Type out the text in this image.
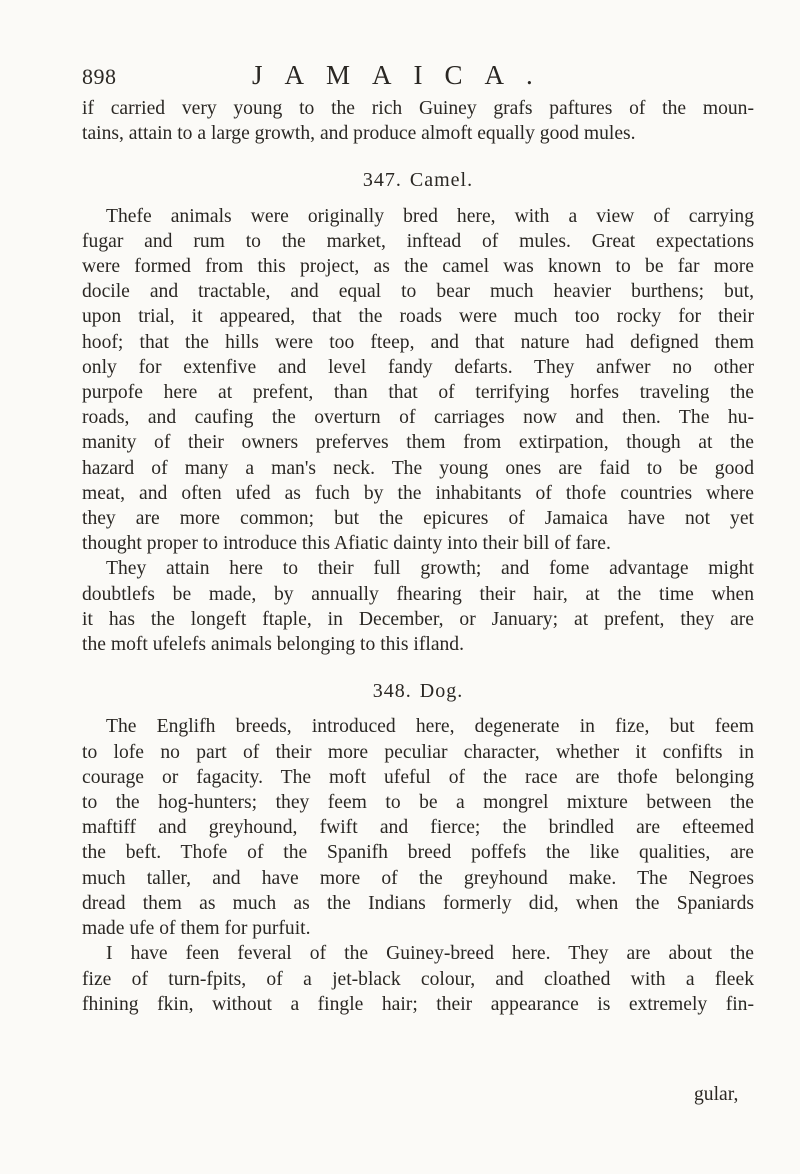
898	JAMAICA.
if carried very young to the rich Guiney grafs paftures of the moun-
tains, attain to a large growth, and produce almoft equally good mules.
347. Camel.
Thefe animals were originally bred here, with a view of carrying
fugar and rum to the market, inftead of mules. Great expectations
were formed from this project, as the camel was known to be far more
docile and tractable, and equal to bear much heavier burthens; but,
upon trial, it appeared, that the roads were much too rocky for their
hoof; that the hills were too fteep, and that nature had defigned them
only for extenfive and level fandy defarts. They anfwer no other
purpofe here at prefent, than that of terrifying horfes traveling the
roads, and caufing the overturn of carriages now and then. The hu-
manity of their owners preferves them from extirpation, though at the
hazard of many a man's neck. The young ones are faid to be good
meat, and often ufed as fuch by the inhabitants of thofe countries where
they are more common; but the epicures of Jamaica have not yet
thought proper to introduce this Afiatic dainty into their bill of fare.
They attain here to their full growth; and fome advantage might
doubtlefs be made, by annually fhearing their hair, at the time when
it has the longeft ftaple, in December, or January; at prefent, they are
the moft ufelefs animals belonging to this ifland.
348. Dog.
The Englifh breeds, introduced here, degenerate in fize, but feem
to lofe no part of their more peculiar character, whether it confifts in
courage or fagacity. The moft ufeful of the race are thofe belonging
to the hog-hunters; they feem to be a mongrel mixture between the
maftiff and greyhound, fwift and fierce; the brindled are efteemed
the beft. Thofe of the Spanifh breed poffefs the like qualities, are
much taller, and have more of the greyhound make. The Negroes
dread them as much as the Indians formerly did, when the Spaniards
made ufe of them for purfuit.
I have feen feveral of the Guiney-breed here. They are about the
fize of turn-fpits, of a jet-black colour, and cloathed with a fleek
fhining fkin, without a fingle hair; their appearance is extremely fin-
gular,
